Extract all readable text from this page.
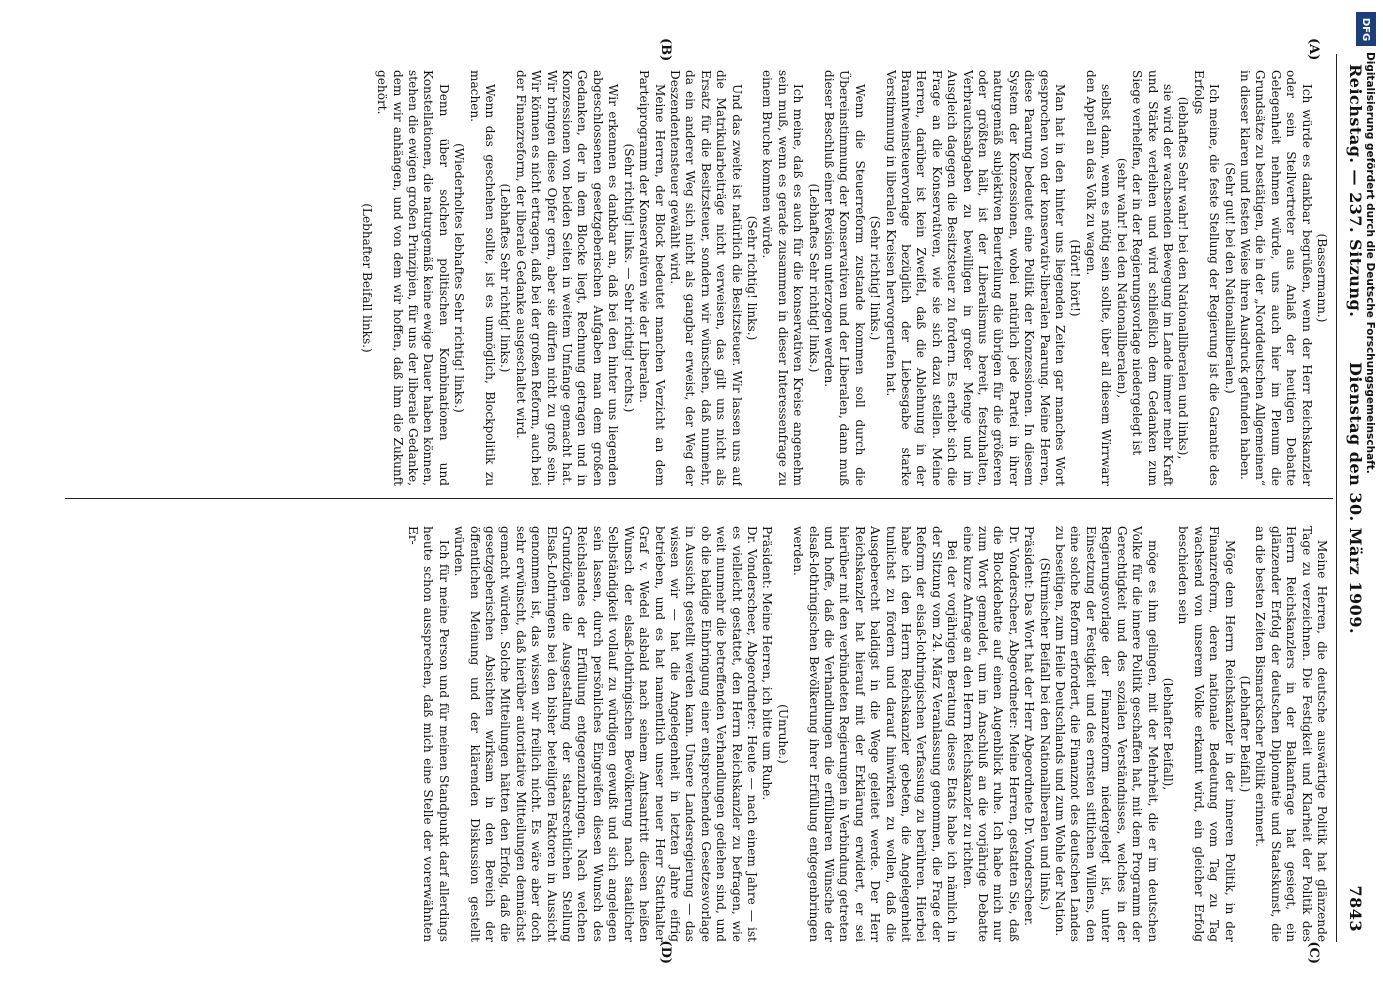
Reichstag. — 237. Sitzung.
Dienstag den 30. März 1909.
7843
(A)
(B)
(C)
(D)

(Bassermann.)

Ich würde es dankbar begrüßen, wenn der Herr Reichskanzler oder sein Stellvertreter aus Anlaß der heutigen Debatte Gelegenheit nehmen würde, uns auch hier im Plenum die Grundsätze zu bestätigen, die in der „Norddeutschen Allgemeinen“ in dieser klaren und festen Weise ihren Ausdruck gefunden haben.

(Sehr gut! bei den Nationalliberalen.)

Ich meine, die feste Stellung der Regierung ist die Garantie des Erfolgs

(lebhaftes Sehr wahr! bei den Nationalliberalen und links),

sie wird der wachsenden Bewegung im Lande immer mehr Kraft und Stärke verleihen und wird schließlich dem Gedanken zum Siege verhelfen, der in der Regierungsvorlage niedergelegt ist

(sehr wahr! bei den Nationalliberalen),

selbst dann, wenn es nötig sein sollte, über all diesem Wirrwarr den Appell an das Volk zu wagen.

(Hört! hört!)

Man hat in den hinter uns liegenden Zeiten gar manches Wort gesprochen von der konservativ-liberalen Paarung. Meine Herren, diese Paarung bedeutet eine Politik der Konzessionen. In diesem System der Konzessionen, wobei natürlich jede Partei in ihrer naturgemäß subjektiven Beurteilung die übrigen für die größeren oder größten hält, ist der Liberalismus bereit, festzuhalten, Verbrauchsabgaben zu bewilligen in großer Menge und im Ausgleich dagegen die Besitzsteuer zu fordern. Es erhebt sich die Frage an die Konservativen, wie sie sich dazu stellen. Meine Herren, darüber ist kein Zweifel, daß die Ablehnung in der Branntweinsteuervorlage bezüglich der Liebesgabe starke Verstimmung in liberalen Kreisen hervorgerufen hat.

(Sehr richtig! links.)

Wenn die Steuerreform zustande kommen soll durch die Übereinstimmung der Konservativen und der Liberalen, dann muß dieser Beschluß einer Revision unterzogen werden.

(Lebhaftes Sehr richtig! links.)

Ich meine, daß es auch für die konservativen Kreise angenehm sein muß, wenn es gerade zusammen in dieser Interessenfrage zu einem Bruche kommen würde.

(Sehr richtig! links.)

Und das zweite ist natürlich die Besitzsteuer. Wir lassen uns auf die Matrikularbeiträge nicht verweisen, das gilt uns nicht als Ersatz für die Besitzsteuer, sondern wir wünschen, daß nunmehr, da ein anderer Weg sich nicht als gangbar erweist, der Weg der Deszendentensteuer gewählt wird.

Meine Herren, der Block bedeutet manchen Verzicht an dem Parteiprogramm der Konservativen wie der Liberalen.

(Sehr richtig! links. — Sehr richtig! rechts.)

Wir erkennen es dankbar an, daß bei den hinter uns liegenden abgeschlossenen gesetzgeberischen Aufgaben man dem großen Gedanken, der in dem Blocke liegt, Rechnung getragen und in Konzessionen von beiden Seiten in weitem Umfange gemacht hat. Wir bringen diese Opfer gern, aber sie dürfen nicht zu groß sein. Wir können es nicht ertragen, daß bei der großen Reform, auch bei der Finanzreform, der liberale Gedanke ausgeschaltet wird.

(Lebhaftes Sehr richtig! links.)

Wenn das geschehen sollte, ist es unmöglich, Blockpolitik zu machen.

(Wiederholtes lebhaftes Sehr richtig! links.)

Denn über solchen politischen Kombinationen und Konstellationen, die naturgemäß keine ewige Dauer haben können, stehen die ewigen großen Prinzipien, für uns der liberale Gedanke, dem wir anhängen, und von dem wir hoffen, daß ihm die Zukunft gehört.

(Lebhafter Beifall links.)

Meine Herren, die deutsche auswärtige Politik hat glänzende Tage zu verzeichnen. Die Festigkeit und Klarheit der Politik des Herrn Reichskanzlers in der Balkanfrage hat gesiegt, ein glänzender Erfolg der deutschen Diplomatie und Staatskunst, die an die besten Zeiten Bismarckscher Politik erinnert.

(Lebhafter Beifall.)

Möge dem Herrn Reichskanzler in der inneren Politik, in der Finanzreform, deren nationale Bedeutung vom Tag zu Tag wachsend von unserem Volke erkannt wird, ein gleicher Erfolg beschieden sein

(lebhafter Beifall),

möge es ihm gelingen, mit der Mehrheit, die er im deutschen Volke für die innere Politik geschaffen hat, mit dem Programm der Gerechtigkeit und des sozialen Verständnisses, welches in der Regierungsvorlage der Finanzreform niedergelegt ist, unter Einsetzung der Festigkeit und des ernsten sittlichen Willens, den eine solche Reform erfordert, die Finanznot des deutschen Landes zu beseitigen, zum Heile Deutschlands und zum Wohle der Nation.

(Stürmischer Beifall bei den Nationalliberalen und links.)

Präsident: Das Wort hat der Herr Abgeordnete Dr. Vonderscheer.

Dr. Vonderscheer, Abgeordneter: Meine Herren, gestatten Sie, daß die Blockdebatte auf einen Augenblick ruhe. Ich habe mich nur zum Wort gemeldet, um im Anschluß an die vorjährige Debatte eine kurze Anfrage an den Herrn Reichskanzler zu richten.

Bei der vorjährigen Beratung dieses Etats habe ich nämlich in der Sitzung vom 24. März Veranlassung genommen, die Frage der Reform der elsaß-lothringischen Verfassung zu berühren. Hierbei habe ich den Herrn Reichskanzler gebeten, die Angelegenheit tunlichst zu fördern und darauf hinwirken zu wollen, daß die Ausgeberecht baldigst in die Wege geleitet werde. Der Herr Reichskanzler hat hierauf mit der Erklärung erwidert, er sei hierüber mit den verbündeten Regierungen in Verbindung getreten und hoffe, daß die Verhandlungen die erfüllbaren Wünsche der elsaß-lothringischen Bevölkerung ihrer Erfüllung entgegenbringen werden.

(Unruhe.)

Präsident: Meine Herren, ich bitte um Ruhe.

Dr. Vonderscheer, Abgeordneter: Heute — nach einem Jahre — ist es vielleicht gestattet, den Herrn Reichskanzler zu befragen, wie weit nunmehr die betreffenden Verhandlungen gediehen sind, und ob die baldige Einbringung einer entsprechenden Gesetzesvorlage in Aussicht gestellt werden kann. Unsere Landesregierung — das wissen wir — hat die Angelegenheit in letzten Jahre eifrig betrieben, und es hat namentlich unser neuer Herr Statthalter Graf v. Wedel alsbald nach seinem Amtsantritt diesen heißen Wunsch der elsaß-lothringischen Bevölkerung nach staatlicher Selbständigkeit vollauf zu würdigen gewußt und sich angelegen sein lassen, durch persönliches Eingreifen diesen Wunsch des Reichslandes der Erfüllung entgegenzubringen. Nach welchen Grundzügen die Ausgestaltung der staatsrechtlichen Stellung Elsaß-Lothringens bei den bisher beteiligten Faktoren in Aussicht genommen ist, das wissen wir freilich nicht. Es wäre aber doch sehr erwünscht, daß hierüber autoritative Mitteilungen demnächst gemacht würden. Solche Mitteilungen hätten den Erfolg, daß die gesetzgeberischen Absichten wirksam in den Bereich der öffentlichen Meinung und der klärenden Diskussion gestellt würden.

Ich für meine Person und für meinen Standpunkt darf allerdings heute schon aussprechen, daß mich eine Stelle der vorerwähnten Er-

DFG
Digitalisierung gefördert durch die Deutsche Forschungsgemeinschaft.
